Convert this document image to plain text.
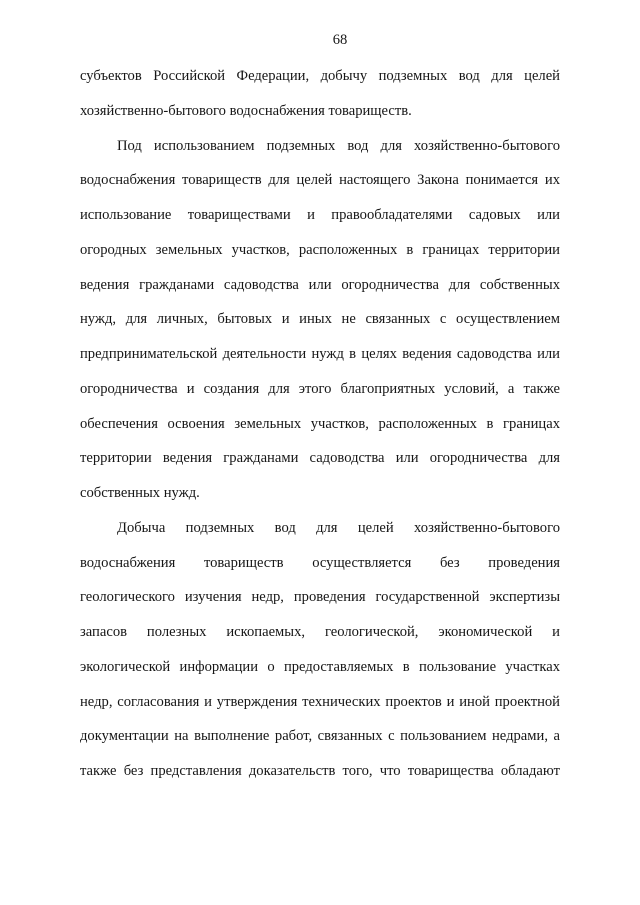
68
субъектов Российской Федерации, добычу подземных вод для целей
хозяйственно-бытового водоснабжения товариществ.
Под использованием подземных вод для хозяйственно-бытового
водоснабжения товариществ для целей настоящего Закона понимается их
использование товариществами и правообладателями садовых или
огородных земельных участков, расположенных в границах территории
ведения гражданами садоводства или огородничества для собственных
нужд, для личных, бытовых и иных не связанных с осуществлением
предпринимательской деятельности нужд в целях ведения садоводства или
огородничества и создания для этого благоприятных условий, а также
обеспечения освоения земельных участков, расположенных в границах
территории ведения гражданами садоводства или огородничества для
собственных нужд.
Добыча подземных вод для целей хозяйственно-бытового
водоснабжения товариществ осуществляется без проведения
геологического изучения недр, проведения государственной экспертизы
запасов полезных ископаемых, геологической, экономической и
экологической информации о предоставляемых в пользование участках
недр, согласования и утверждения технических проектов и иной проектной
документации на выполнение работ, связанных с пользованием недрами, а
также без представления доказательств того, что товарищества обладают
